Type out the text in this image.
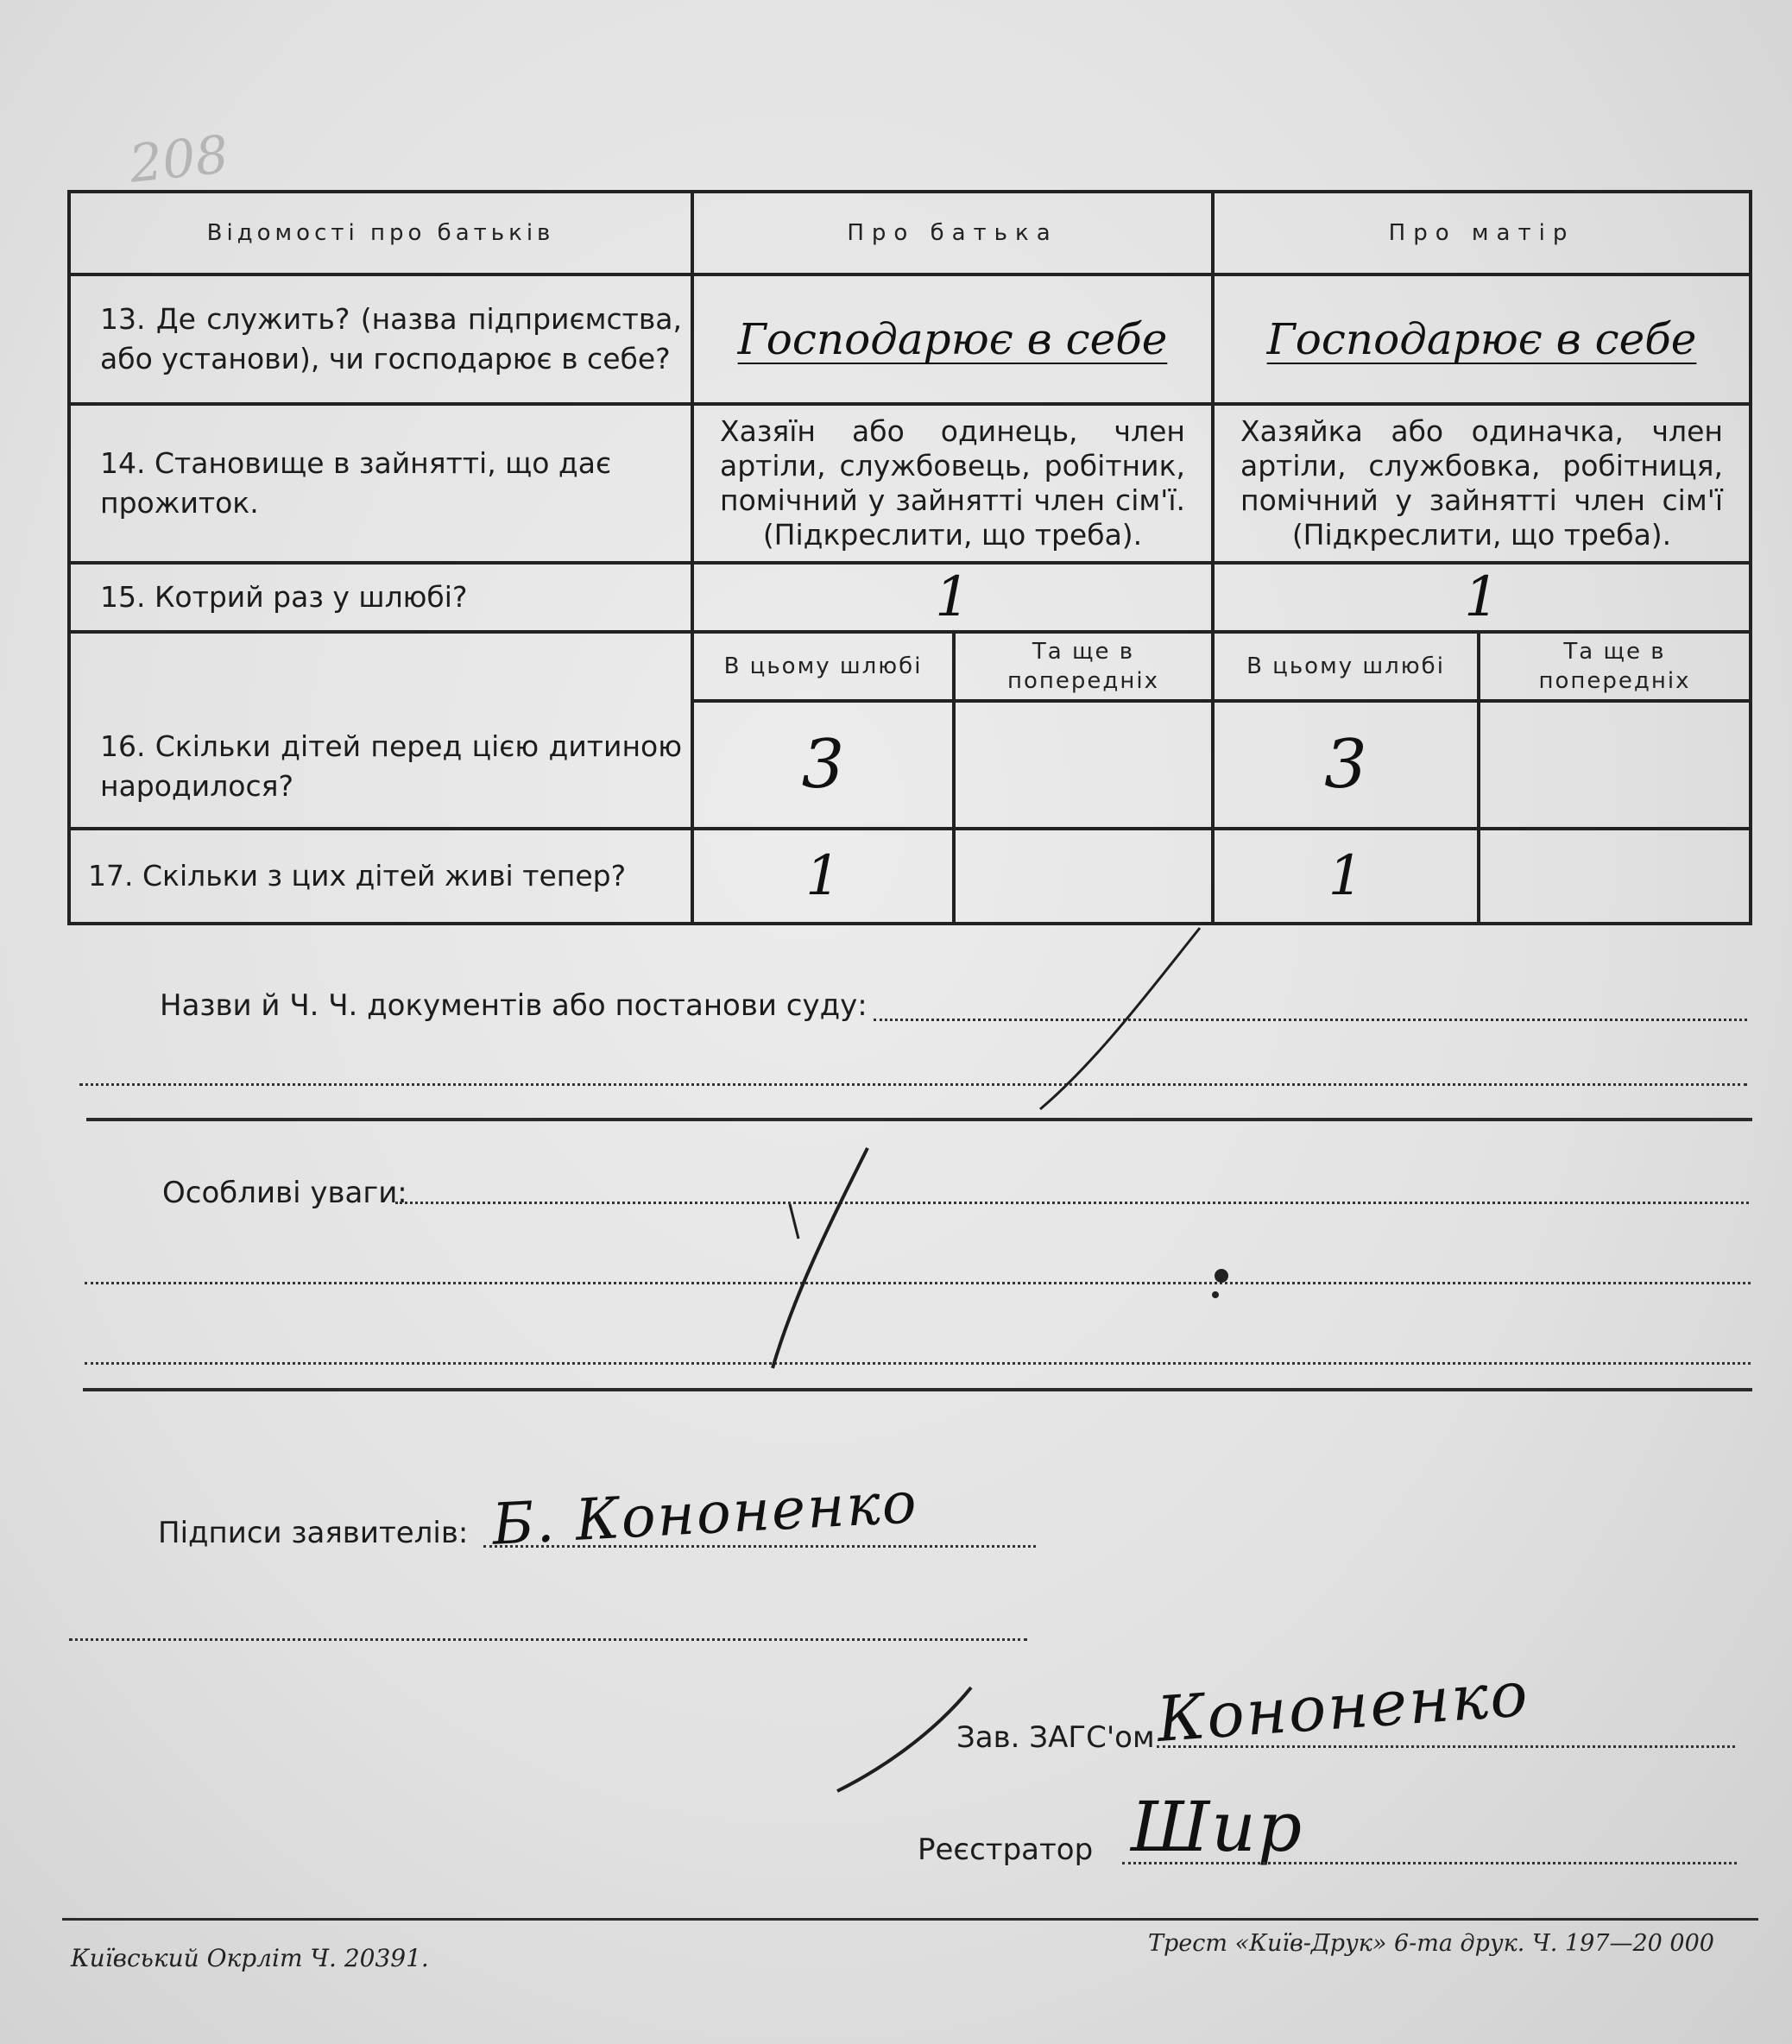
208
Відомості про батьків	Про батька		Про матір	
13. Де служить? (назва підприємства, або установи), чи господарює в себе?	Господарює в себе		Господарює в себе	
14. Становище в зайнятті, що дає прожиток.	Хазяїн або одинець, член артіли, службовець, робітник, помічний у зайнятті член сім'ї. (Підкреслити, що треба).		Хазяйка або одиначка, член артіли, службовка, робітниця, помічний у зайнятті член сім'ї (Підкреслити, що треба).	
15. Котрий раз у шлюбі?	1		1	
16. Скільки дітей перед цією дитиною народилося?	В цьому шлюбі	Та ще в попередніх	В цьому шлюбі	Та ще в попередніх
	3		3	
17. Скільки з цих дітей живі тепер?	1		1	
Назви й Ч. Ч. документів або постанови суду:
Особливі уваги:
Підписи заявителів: Б. Кононенко
Зав. ЗАГС'ом Кононенко
Реєстратор Шир
Київський Окрліт Ч. 20391.
Трест «Київ-Друк» 6-та друк. Ч. 197—20 000
